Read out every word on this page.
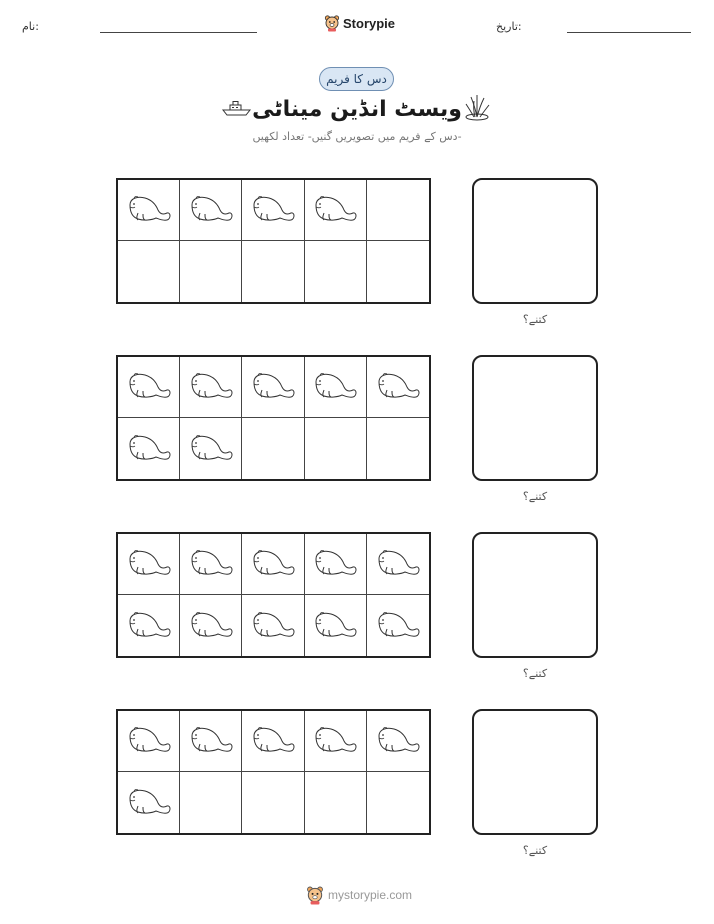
نام:	Storypie	تاریخ:
دس کا فریم
ویسٹ انڈین میناٹی
دس کے فریم میں تصویریں گنیں- تعداد لکھیں-
کتنے؟
کتنے؟
کتنے؟
کتنے؟
mystorypie.com
